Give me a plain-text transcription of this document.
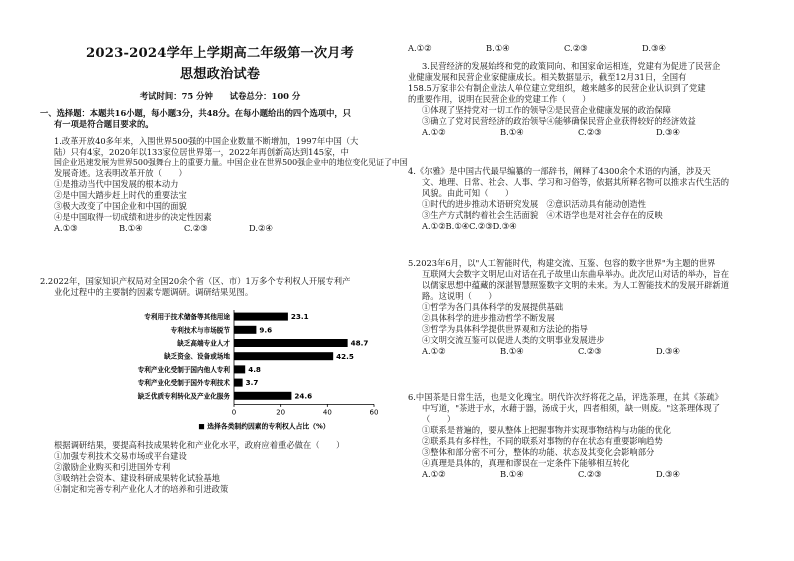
2023-2024学年上学期高二年级第一次月考
思想政治试卷
考试时间：75 分钟　　试卷总分：100 分

一、选择题：本题共16小题，每小题3分，共48分。在每小题给出的四个选项中，只

有一项是符合题目要求的。

1.改革开放40多年来，入围世界500强的中国企业数量不断增加，1997年中国（大

陆）只有4家，2020年以133家位居世界第一，2022年再创新高达到145家，中

国企业迅速发展为世界500强舞台上的重要力量。中国企业在世界500强企业中的地位变化见证了中国

发展奇迹。这表明改革开放（　　）

①是推动当代中国发展的根本动力

②是中国大踏步赶上时代的重要法宝

③极大改变了中国企业和中国的面貌

④是中国取得一切成绩和进步的决定性因素

A.①③	B.①④	C.②③	D.②④

2.2022年，国家知识产权局对全国20余个省（区、市）1万多个专利权人开展专利产

业化过程中的主要制约因素专题调研。调研结果见图。

专利用于技术储备等其他用途	23.1
专利技术与市场脱节	9.6
缺乏高端专业人才	48.7
缺乏资金、设备或场地	42.5
专利产业化受制于国内他人专利	4.8
专利产业化受制于国外专利技术 3.7
缺乏优质专利转化及产业化服务	24.6
0	20	40	60
■ 选择各类制约因素的专利权人占比（%）

根据调研结果，要提高科技成果转化和产业化水平，政府应着重必做在（　　）

①加强专利技术交易市场或平台建设

②激励企业购买和引进国外专利

③吸纳社会资本、建设科研成果转化试验基地

④制定和完善专利产业化人才的培养和引进政策

A.①②	B.①④	C.②③	D.③④

3.民营经济的发展始终和党的政策同向、和国家命运相连，党建有为促进了民营企

业健康发展和民营企业家健康成长。相关数据显示，截至12月31日，全国有

158.5万家非公有制企业法人单位建立党组织，越来越多的民营企业认识到了党建

的重要作用，说明在民营企业的党建工作（　　）

①体现了坚持党对一切工作的领导②是民营企业健康发展的政治保障

③确立了党对民营经济的政治领导④能够确保民营企业获得较好的经济效益

A.①②	B.①④	C.②③	D.③④

4.《尔雅》是中国古代最早编纂的一部辞书，阐释了4300余个术语的内涵，涉及天

文、地理、日常、社会、人事、学习和习俗等，依据其所释名物可以推求古代生活的

风貌。由此可知（　　）

①时代的进步推动术语研究发展　②意识活动具有能动创造性

③生产方式制约着社会生活面貌　④术语学也是对社会存在的反映

A.①②B.①④C.②③D.③④

5.2023年6月，以"人工智能时代，构建交流、互鉴、包容的数字世界"为主题的世界

互联网大会数字文明尼山对话在孔子故里山东曲阜举办。此次尼山对话的举办，旨在

以儒家思想中蕴藏的深湛智慧照鉴数字文明的未来。为人工智能技术的发展开辟新道

路。这说明（　　）

①哲学为各门具体科学的发展提供基础

②具体科学的进步推动哲学不断发展

③哲学为具体科学提供世界观和方法论的指导

④文明交流互鉴可以促进人类的文明事业发展进步

A.①②	B.①④	C.②③	D.③④

6.中国茶是日常生活，也是文化瑰宝。明代许次纾将花之品，评选茶理，在其《茶疏》

中写道，"茶进于水，水藉于器，汤成于火，四者相须，缺一则废。"这茶理体现了

（　　）

①联系是普遍的，要从整体上把握事物并实现事物结构与功能的优化

②联系具有多样性，不同的联系对事物的存在状态有重要影响趋势

③整体和部分密不可分，整体的功能、状态及其变化会影响部分

④真理是具体的，真理和谬误在一定条件下能够相互转化

A.①②	B.①④	C.②③	D.③④
